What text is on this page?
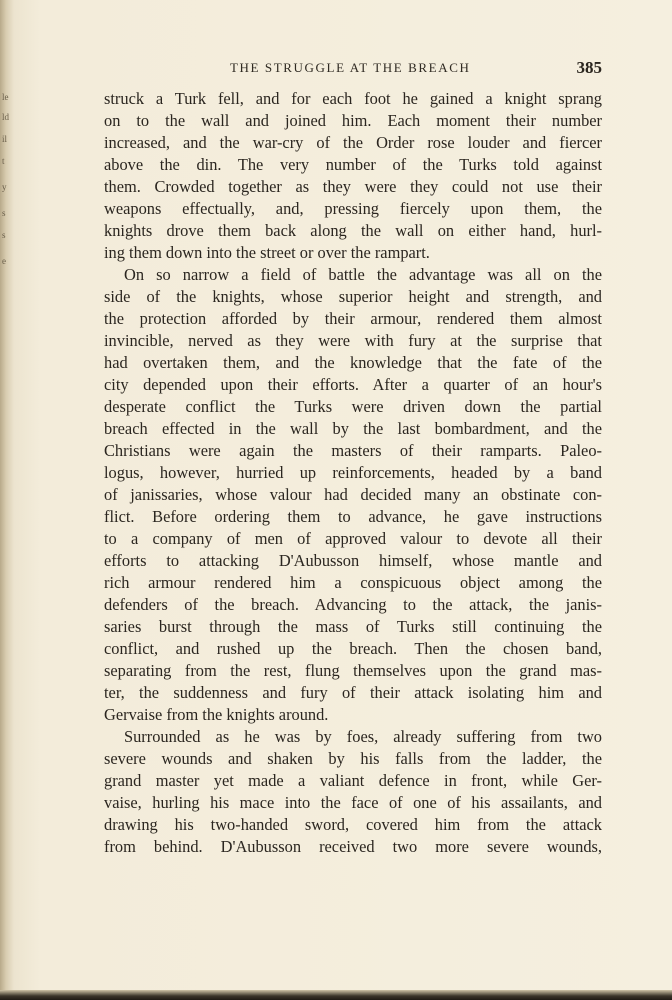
le
ld
il
t
y
s
s
e
THE STRUGGLE AT THE BREACH	385
struck a Turk fell, and for each foot he gained a knight sprang
on to the wall and joined him. Each moment their number
increased, and the war-cry of the Order rose louder and fiercer
above the din. The very number of the Turks told against
them. Crowded together as they were they could not use their
weapons effectually, and, pressing fiercely upon them, the
knights drove them back along the wall on either hand, hurl-
ing them down into the street or over the rampart.
On so narrow a field of battle the advantage was all on the
side of the knights, whose superior height and strength, and
the protection afforded by their armour, rendered them almost
invincible, nerved as they were with fury at the surprise that
had overtaken them, and the knowledge that the fate of the
city depended upon their efforts. After a quarter of an hour's
desperate conflict the Turks were driven down the partial
breach effected in the wall by the last bombardment, and the
Christians were again the masters of their ramparts. Paleo-
logus, however, hurried up reinforcements, headed by a band
of janissaries, whose valour had decided many an obstinate con-
flict. Before ordering them to advance, he gave instructions
to a company of men of approved valour to devote all their
efforts to attacking D'Aubusson himself, whose mantle and
rich armour rendered him a conspicuous object among the
defenders of the breach. Advancing to the attack, the janis-
saries burst through the mass of Turks still continuing the
conflict, and rushed up the breach. Then the chosen band,
separating from the rest, flung themselves upon the grand mas-
ter, the suddenness and fury of their attack isolating him and
Gervaise from the knights around.
Surrounded as he was by foes, already suffering from two
severe wounds and shaken by his falls from the ladder, the
grand master yet made a valiant defence in front, while Ger-
vaise, hurling his mace into the face of one of his assailants, and
drawing his two-handed sword, covered him from the attack
from behind. D'Aubusson received two more severe wounds,
